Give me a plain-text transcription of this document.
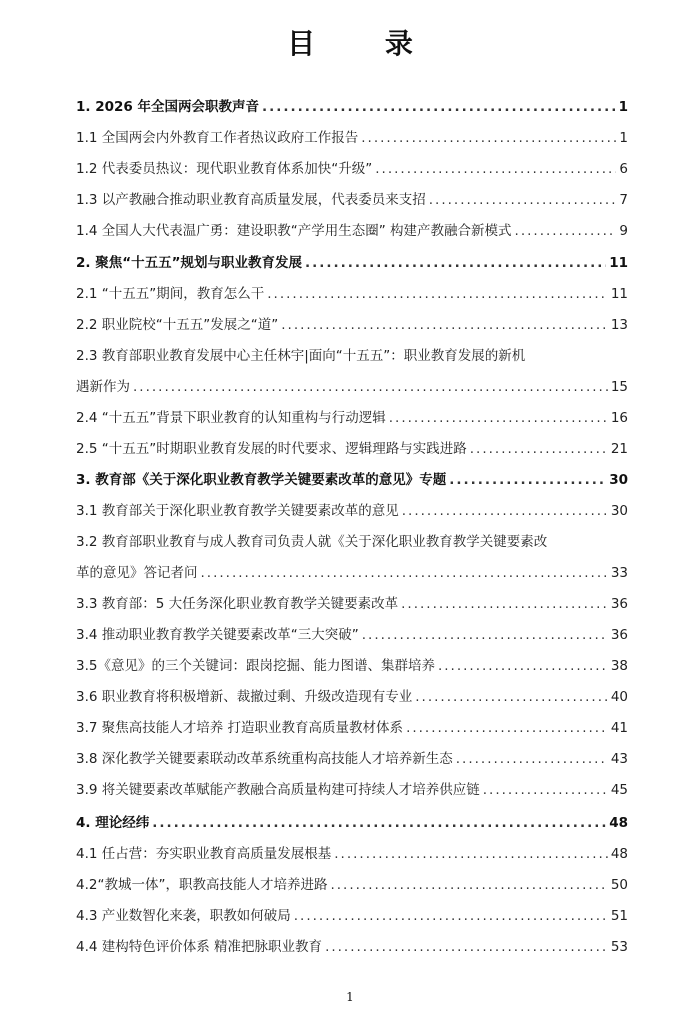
目 录
1. 2026 年全国两会职教声音 .....	1
1.1 全国两会内外教育工作者热议政府工作报告 .....	1
1.2 代表委员热议：现代职业教育体系加快“升级” .....	6
1.3 以产教融合推动职业教育高质量发展，代表委员来支招 .....	7
1.4 全国人大代表温广勇：建设职教“产学用生态圈” 构建产教融合新模式 .....	9
2. 聚焦“十五五”规划与职业教育发展 .....	11
2.1 “十五五”期间，教育怎么干 .....	11
2.2 职业院校“十五五”发展之“道” .....	13
2.3 教育部职业教育发展中心主任林宇|面向“十五五”：职业教育发展的新机
遇新作为 .....	15
2.4 “十五五”背景下职业教育的认知重构与行动逻辑 .....	16
2.5 “十五五”时期职业教育发展的时代要求、逻辑理路与实践进路 .....	21
3. 教育部《关于深化职业教育教学关键要素改革的意见》专题 .....	30
3.1 教育部关于深化职业教育教学关键要素改革的意见 .....	30
3.2 教育部职业教育与成人教育司负责人就《关于深化职业教育教学关键要素改
革的意见》答记者问 .....	33
3.3 教育部：5 大任务深化职业教育教学关键要素改革 .....	36
3.4 推动职业教育教学关键要素改革“三大突破” .....	36
3.5《意见》的三个关键词：跟岗挖掘、能力图谱、集群培养 .....	38
3.6 职业教育将积极增新、裁撤过剩、升级改造现有专业 .....	40
3.7 聚焦高技能人才培养 打造职业教育高质量教材体系 .....	41
3.8 深化教学关键要素联动改革系统重构高技能人才培养新生态 .....	43
3.9 将关键要素改革赋能产教融合高质量构建可持续人才培养供应链 .....	45
4. 理论经纬 .....	48
4.1 任占营：夯实职业教育高质量发展根基 .....	48
4.2“教城一体”，职教高技能人才培养进路 .....	50
4.3 产业数智化来袭，职教如何破局 .....	51
4.4 建构特色评价体系 精准把脉职业教育 .....	53
1
